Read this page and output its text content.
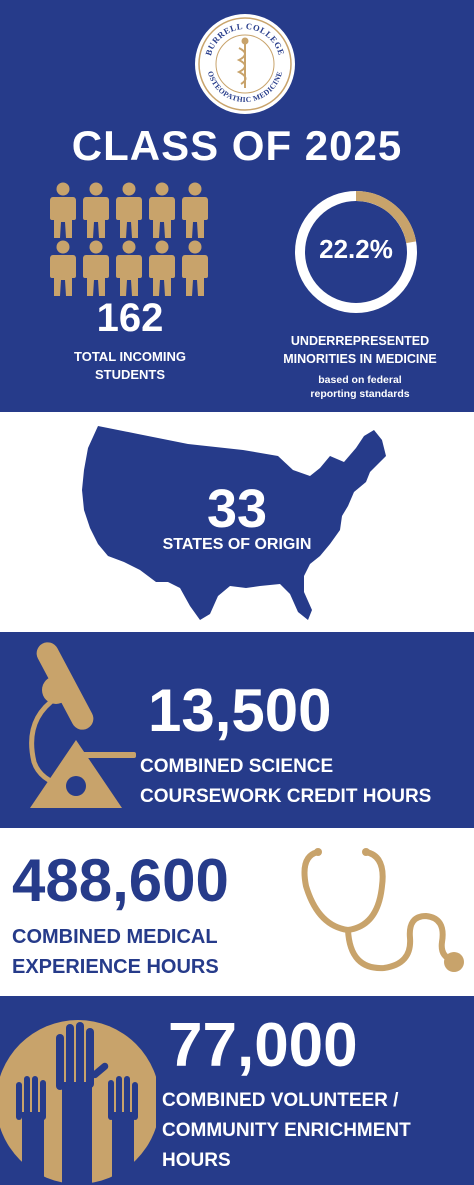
BURRELL COLLEGE
OSTEOPATHIC MEDICINE
CLASS OF 2025
162
TOTAL INCOMING
STUDENTS
22.2%
UNDERREPRESENTED
MINORITIES IN MEDICINE
based on federal
reporting standards
33
STATES OF ORIGIN
13,500
COMBINED SCIENCE
COURSEWORK CREDIT HOURS
488,600
COMBINED MEDICAL
EXPERIENCE HOURS
77,000
COMBINED VOLUNTEER /
COMMUNITY ENRICHMENT
HOURS
